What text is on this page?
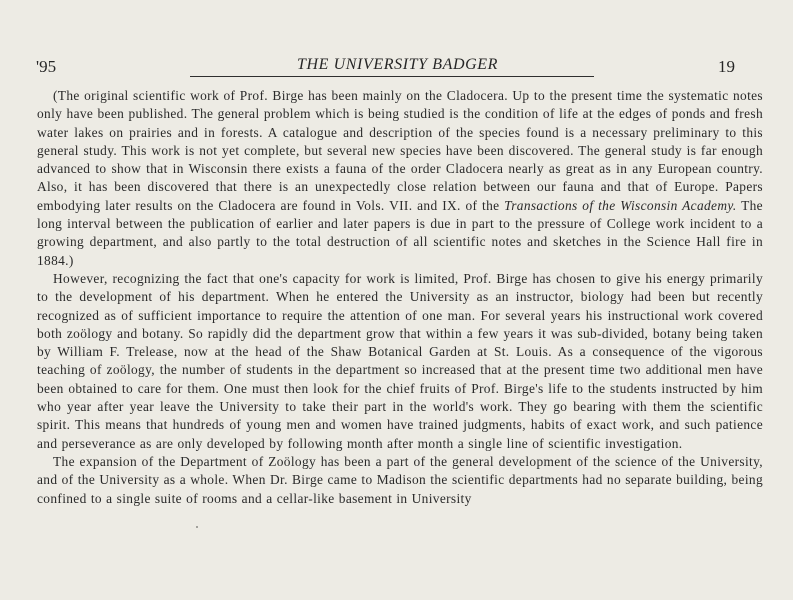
'95	THE UNIVERSITY BADGER	19

(The original scientific work of Prof. Birge has been mainly on the Cladocera. Up to the present time the systematic notes only have been published. The general problem which is being studied is the condition of life at the edges of ponds and fresh water lakes on prairies and in forests. A catalogue and description of the species found is a necessary preliminary to this general study. This work is not yet complete, but several new species have been discovered. The general study is far enough advanced to show that in Wisconsin there exists a fauna of the order Cladocera nearly as great as in any European country. Also, it has been discovered that there is an unexpectedly close relation between our fauna and that of Europe. Papers embodying later results on the Cladocera are found in Vols. VII. and IX. of the Transactions of the Wisconsin Academy. The long interval between the publication of earlier and later papers is due in part to the pressure of College work incident to a growing department, and also partly to the total destruction of all scientific notes and sketches in the Science Hall fire in 1884.)

However, recognizing the fact that one's capacity for work is limited, Prof. Birge has chosen to give his energy primarily to the development of his department. When he entered the University as an instructor, biology had been but recently recognized as of sufficient importance to require the attention of one man. For several years his instructional work covered both zoölogy and botany. So rapidly did the department grow that within a few years it was sub-divided, botany being taken by William F. Trelease, now at the head of the Shaw Botanical Garden at St. Louis. As a consequence of the vigorous teaching of zoölogy, the number of students in the department so increased that at the present time two additional men have been obtained to care for them. One must then look for the chief fruits of Prof. Birge's life to the students instructed by him who year after year leave the University to take their part in the world's work. They go bearing with them the scientific spirit. This means that hundreds of young men and women have trained judgments, habits of exact work, and such patience and perseverance as are only developed by following month after month a single line of scientific investigation.

The expansion of the Department of Zoölogy has been a part of the general development of the science of the University, and of the University as a whole. When Dr. Birge came to Madison the scientific departments had no separate building, being confined to a single suite of rooms and a cellar-like basement in University
